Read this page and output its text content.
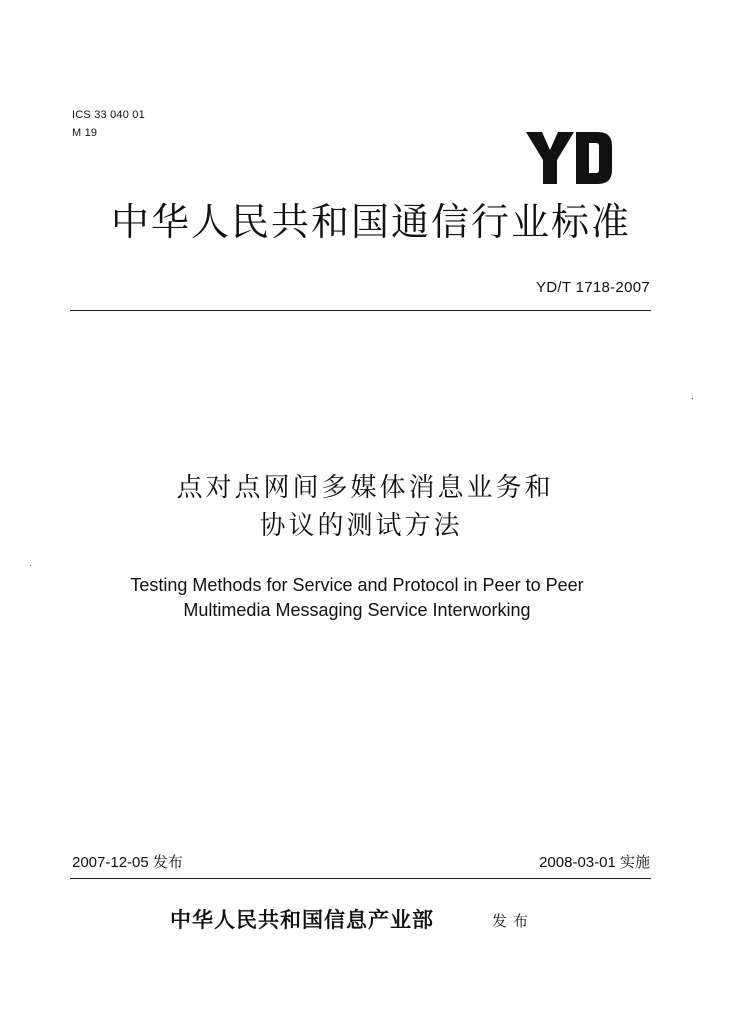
ICS 33 040 01
M 19
中华人民共和国通信行业标准
YD/T 1718-2007
点对点网间多媒体消息业务和
协议的测试方法
Testing Methods for Service and Protocol in Peer to Peer
Multimedia Messaging Service Interworking
2007-12-05 发布	2008-03-01 实施
中华人民共和国信息产业部	发布
